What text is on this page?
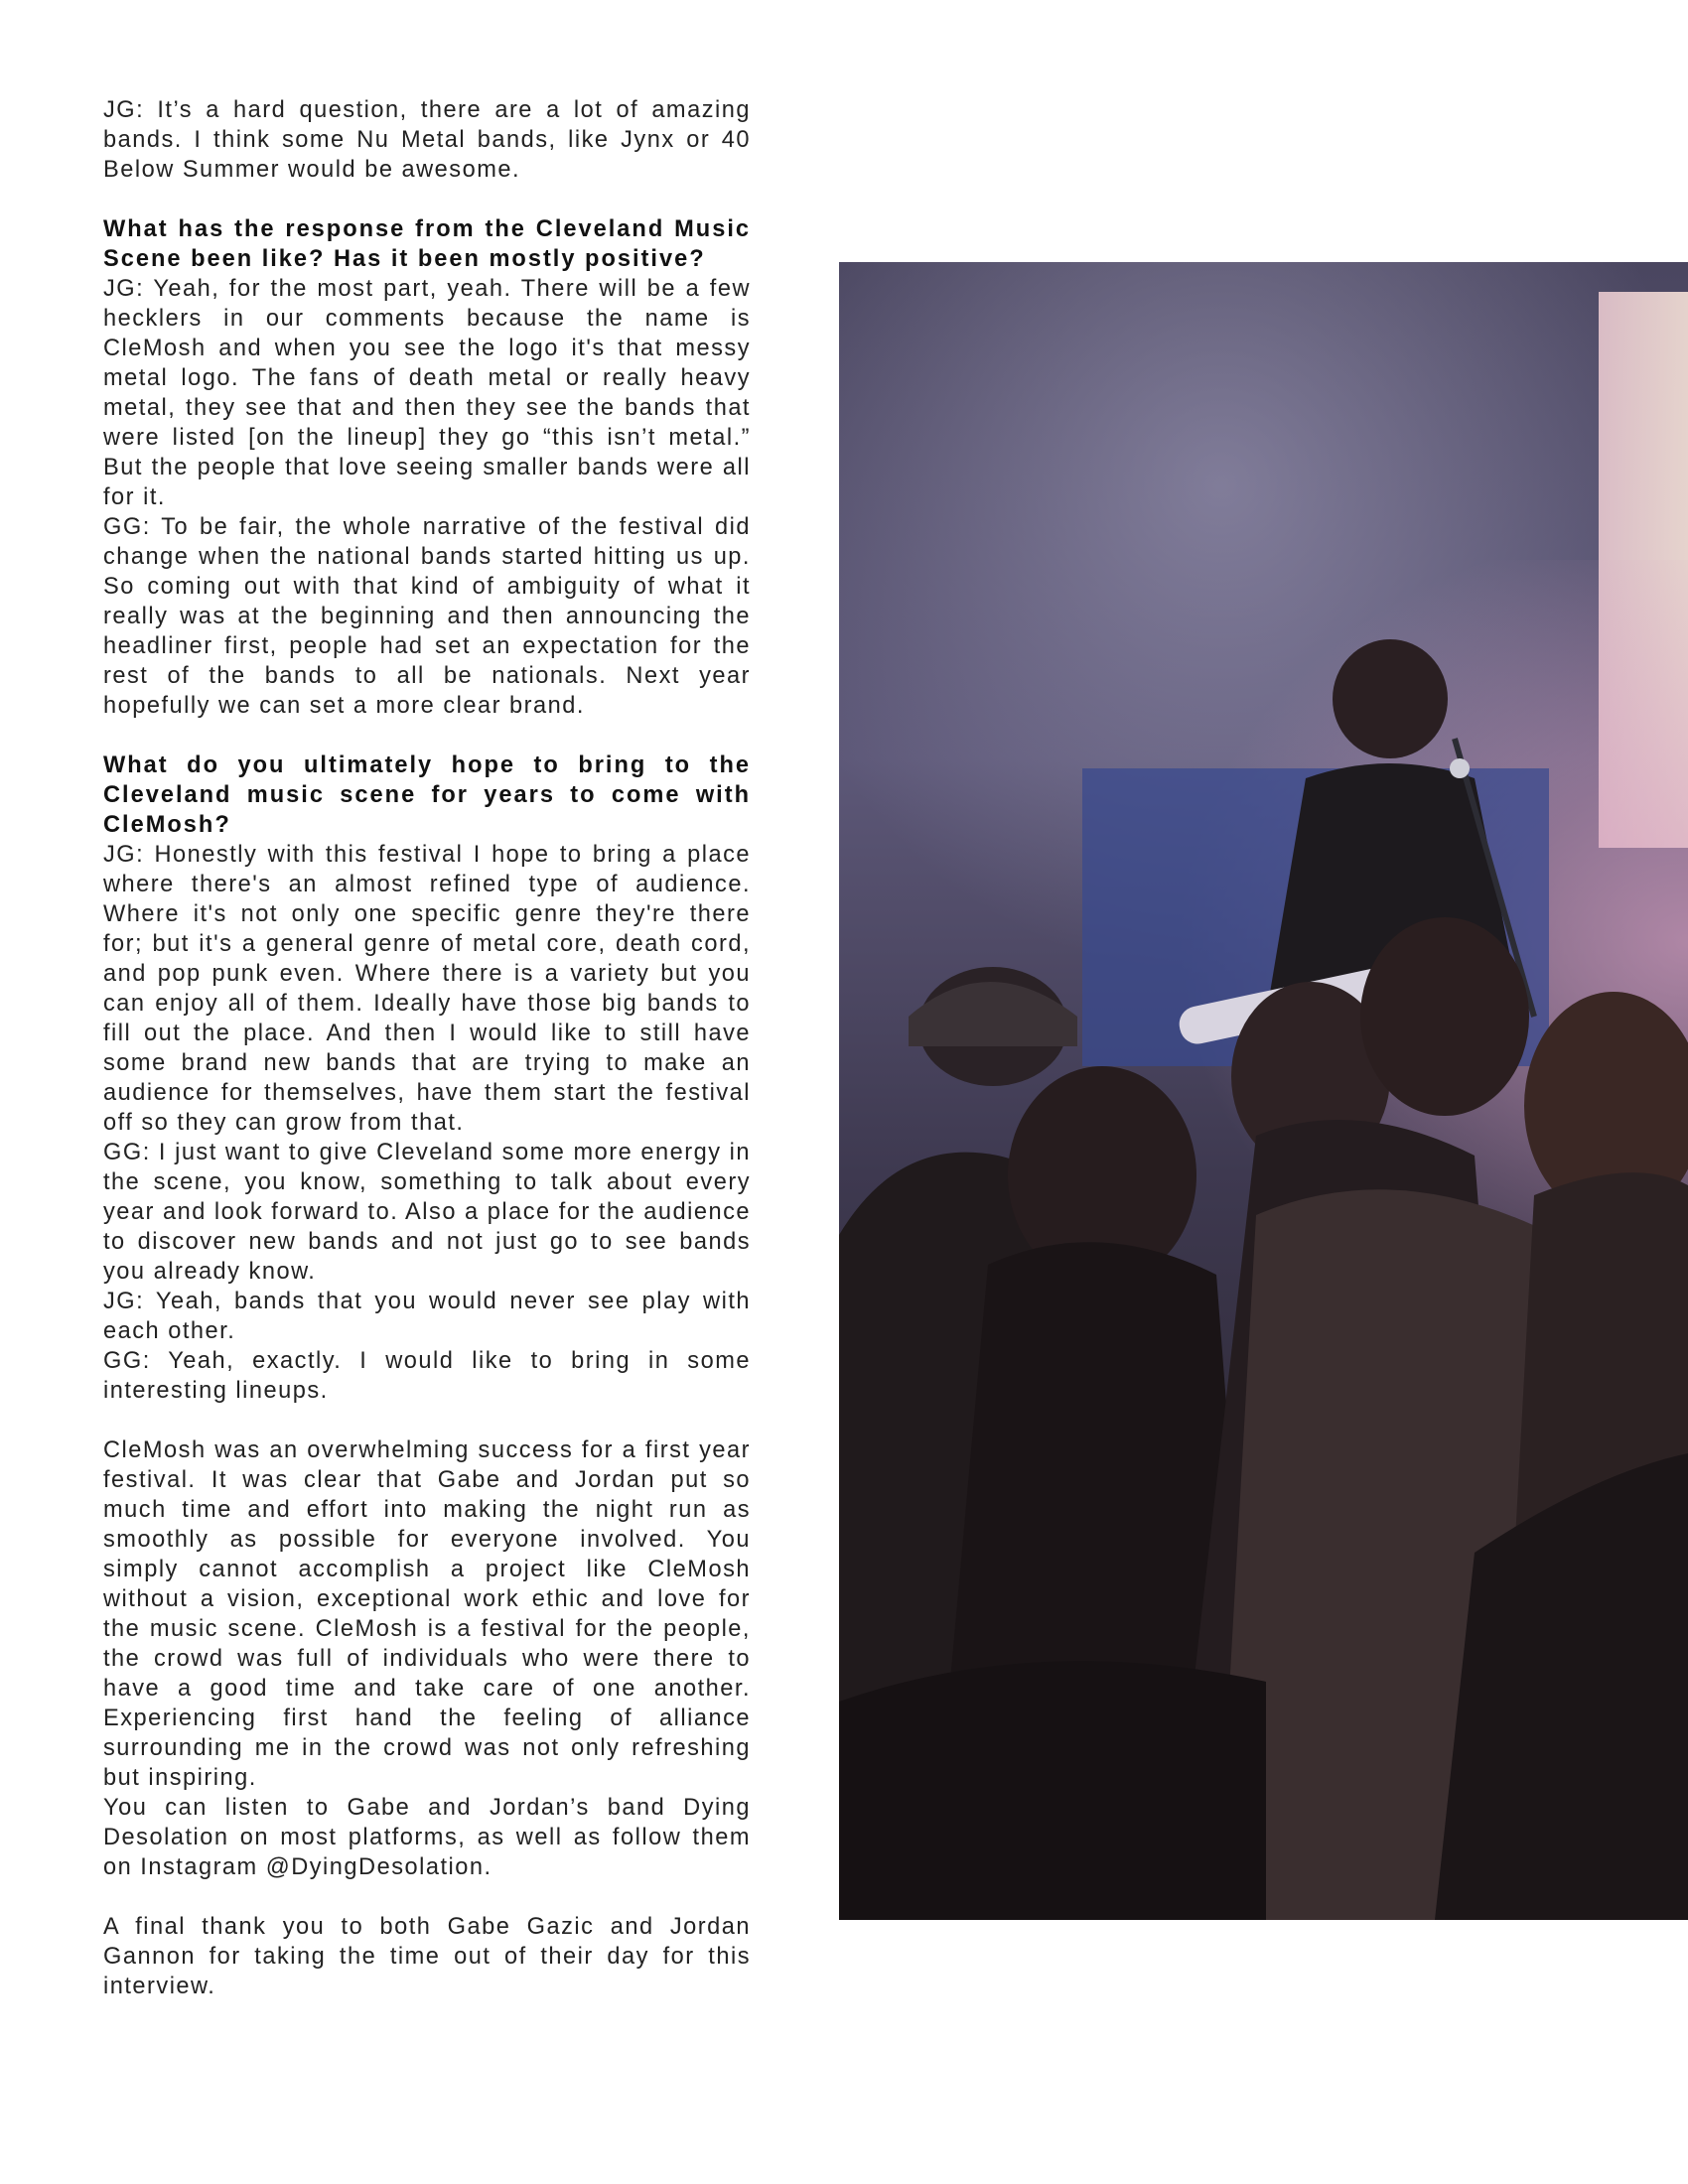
JG: It’s a hard question, there are a lot of amazing bands. I think some Nu Metal bands, like Jynx or 40 Below Summer would be awesome.

What has the response from the Cleveland Music Scene been like? Has it been mostly positive?

JG: Yeah, for the most part, yeah. There will be a few hecklers in our comments because the name is CleMosh and when you see the logo it's that messy metal logo. The fans of death metal or really heavy metal, they see that and then they see the bands that were listed [on the lineup] they go “this isn’t metal.” But the people that love seeing smaller bands were all for it.

GG: To be fair, the whole narrative of the festival did change when the national bands started hitting us up. So coming out with that kind of ambiguity of what it really was at the beginning and then announcing the headliner first, people had set an expectation for the rest of the bands to all be nationals. Next year hopefully we can set a more clear brand.

What do you ultimately hope to bring to the Cleveland music scene for years to come with CleMosh?

JG: Honestly with this festival I hope to bring a place where there's an almost refined type of audience. Where it's not only one specific genre they're there for; but it's a general genre of metal core, death cord, and pop punk even. Where there is a variety but you can enjoy all of them. Ideally have those big bands to fill out the place. And then I would like to still have some brand new bands that are trying to make an audience for themselves, have them start the festival off so they can grow from that.

GG: I just want to give Cleveland some more energy in the scene, you know, something to talk about every year and look forward to. Also a place for the audience to discover new bands and not just go to see bands you already know.

JG: Yeah, bands that you would never see play with each other.

GG: Yeah, exactly. I would like to bring in some interesting lineups.

CleMosh was an overwhelming success for a first year festival. It was clear that Gabe and Jordan put so much time and effort into making the night run as smoothly as possible for everyone involved. You simply cannot accomplish a project like CleMosh without a vision, exceptional work ethic and love for the music scene. CleMosh is a festival for the people, the crowd was full of individuals who were there to have a good time and take care of one another. Experiencing first hand the feeling of alliance surrounding me in the crowd was not only refreshing but inspiring.

You can listen to Gabe and Jordan’s band Dying Desolation on most platforms, as well as follow them on Instagram @DyingDesolation.

A final thank you to both Gabe Gazic and Jordan Gannon for taking the time out of their day for this interview.
